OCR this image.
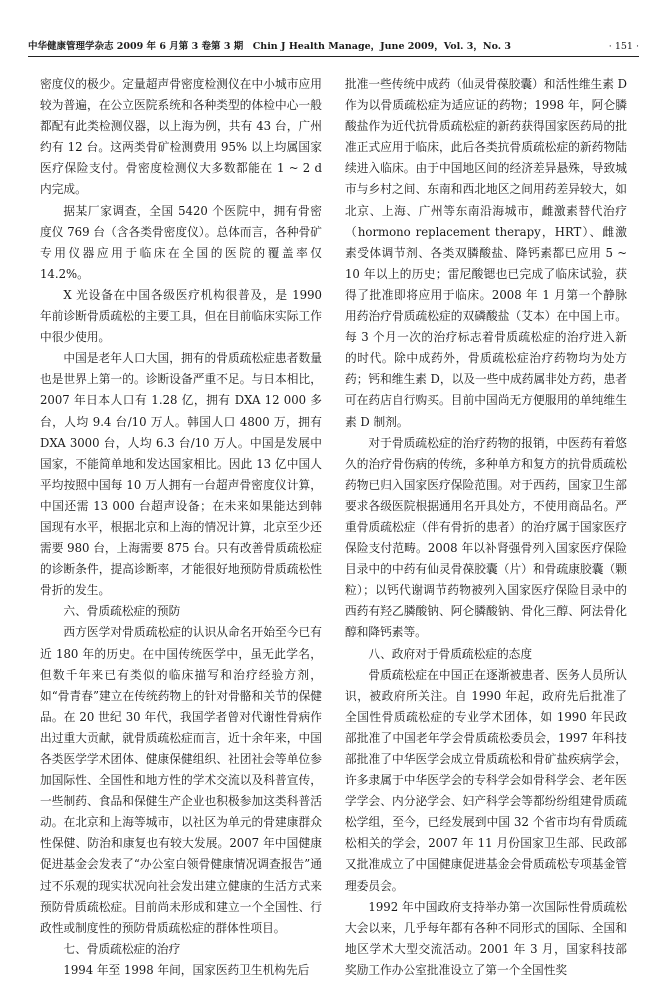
中华健康管理学杂志 2009 年 6 月第 3 卷第 3 期　Chin J Health Manage，June 2009，Vol. 3，No. 3	· 151 ·

密度仪的极少。定量超声骨密度检测仪在中小城市应用较为普遍，在公立医院系统和各种类型的体检中心一般都配有此类检测仪器，以上海为例，共有 43 台，广州约有 12 台。这两类骨矿检测费用 95% 以上均属国家医疗保险支付。骨密度检测仪大多数都能在 1 ~ 2 d 内完成。

据某厂家调查，全国 5420 个医院中，拥有骨密度仪 769 台（含各类骨密度仪）。总体而言，各种骨矿专用仪器应用于临床在全国的医院的覆盖率仅 14.2%。

X 光设备在中国各级医疗机构很普及，是 1990 年前诊断骨质疏松的主要工具，但在目前临床实际工作中很少使用。

中国是老年人口大国，拥有的骨质疏松症患者数量也是世界上第一的。诊断设备严重不足。与日本相比，2007 年日本人口有 1.28 亿，拥有 DXA 12 000 多台，人均 9.4 台/10 万人。韩国人口 4800 万，拥有 DXA 3000 台，人均 6.3 台/10 万人。中国是发展中国家，不能简单地和发达国家相比。因此 13 亿中国人平均按照中国每 10 万人拥有一台超声骨密度仪计算，中国还需 13 000 台超声设备；在未来如果能达到韩国现有水平，根据北京和上海的情况计算，北京至少还需要 980 台，上海需要 875 台。只有改善骨质疏松症的诊断条件，提高诊断率，才能很好地预防骨质疏松性骨折的发生。

六、骨质疏松症的预防

西方医学对骨质疏松症的认识从命名开始至今已有近 180 年的历史。在中国传统医学中，虽无此学名，但数千年来已有类似的临床描写和治疗经验方剂，如“骨青春”建立在传统药物上的针对骨骼和关节的保健品。在 20 世纪 30 年代，我国学者曾对代谢性骨病作出过重大贡献，就骨质疏松症而言，近十余年来，中国各类医学学术团体、健康保健组织、社团社会等单位参加国际性、全国性和地方性的学术交流以及科普宣传，一些制药、食品和保健生产企业也积极参加这类科普活动。在北京和上海等城市，以社区为单元的骨建康群众性保健、防治和康复也有较大发展。2007 年中国健康促进基金会发表了“办公室白领骨健康情况调查报告”通过不乐观的现实状况向社会发出建立健康的生活方式来预防骨质疏松症。目前尚未形成和建立一个全国性、行政性或制度性的预防骨质疏松症的群体性项目。

七、骨质疏松症的治疗

1994 年至 1998 年间，国家医药卫生机构先后

批准一些传统中成药（仙灵骨葆胶囊）和活性维生素 D 作为以骨质疏松症为适应证的药物；1998 年，阿仑膦酸盐作为近代抗骨质疏松症的新药获得国家医药局的批准正式应用于临床，此后各类抗骨质疏松症的新药物陆续进入临床。由于中国地区间的经济差异悬殊，导致城市与乡村之间、东南和西北地区之间用药差异较大，如北京、上海、广州等东南沿海城市，雌激素替代治疗（hormono replacement therapy，HRT）、雌激素受体调节剂、各类双膦酸盐、降钙素都已应用 5 ~ 10 年以上的历史；雷尼酸锶也已完成了临床试验，获得了批准即将应用于临床。2008 年 1 月第一个静脉用药治疗骨质疏松症的双磷酸盐（艾本）在中国上市。每 3 个月一次的治疗标志着骨质疏松症的治疗进入新的时代。除中成药外，骨质疏松症治疗药物均为处方药；钙和维生素 D，以及一些中成药属非处方药，患者可在药店自行购买。目前中国尚无方便服用的单纯维生素 D 制剂。

对于骨质疏松症的治疗药物的报销，中医药有着悠久的治疗骨伤病的传统，多种单方和复方的抗骨质疏松药物已归入国家医疗保险范围。对于西药，国家卫生部要求各级医院根据通用名开具处方，不使用商品名。严重骨质疏松症（伴有骨折的患者）的治疗属于国家医疗保险支付范畴。2008 年以补肾强骨列入国家医疗保险目录中的中药有仙灵骨葆胶囊（片）和骨疏康胶囊（颗粒）；以钙代谢调节药物被列入国家医疗保险目录中的西药有羟乙膦酸钠、阿仑膦酸钠、骨化三醇、阿法骨化醇和降钙素等。

八、政府对于骨质疏松症的态度

骨质疏松症在中国正在逐渐被患者、医务人员所认识，被政府所关注。自 1990 年起，政府先后批准了全国性骨质疏松症的专业学术团体，如 1990 年民政部批准了中国老年学会骨质疏松委员会，1997 年科技部批准了中华医学会成立骨质疏松和骨矿盐疾病学会，许多隶属于中华医学会的专科学会如骨科学会、老年医学学会、内分泌学会、妇产科学会等都纷纷组建骨质疏松学组，至今，已经发展到中国 32 个省市均有骨质疏松相关的学会，2007 年 11 月份国家卫生部、民政部又批准成立了中国健康促进基金会骨质疏松专项基金管理委员会。

1992 年中国政府支持举办第一次国际性骨质疏松大会以来，几乎每年都有各种不同形式的国际、全国和地区学术大型交流活动。2001 年 3 月，国家科技部奖励工作办公室批准设立了第一个全国性奖
